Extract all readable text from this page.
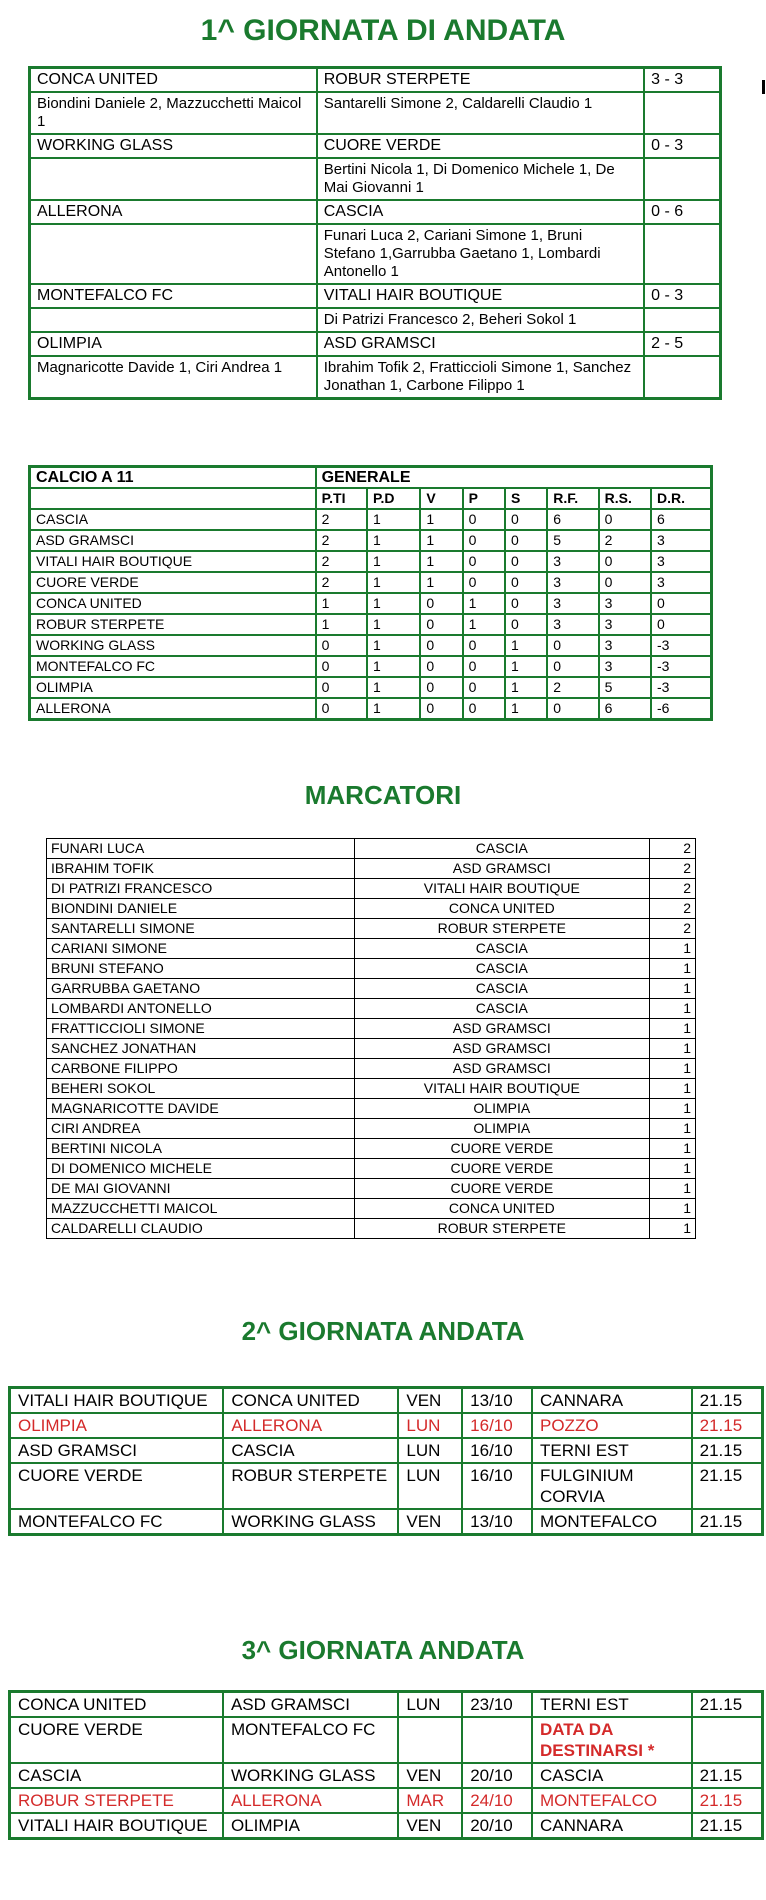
1^ GIORNATA DI ANDATA
CONCA UNITED	ROBUR STERPETE	3 - 3
Biondini Daniele 2, Mazzucchetti Maicol 1	Santarelli Simone 2, Caldarelli Claudio 1	
WORKING GLASS	CUORE VERDE	0 - 3
	Bertini Nicola 1, Di Domenico Michele 1, De Mai Giovanni 1	
ALLERONA	CASCIA	0 - 6
	Funari Luca 2, Cariani Simone 1, Bruni Stefano 1,Garrubba Gaetano 1, Lombardi Antonello 1	
MONTEFALCO FC	VITALI HAIR BOUTIQUE	0 - 3
	Di Patrizi Francesco 2, Beheri Sokol 1	
OLIMPIA	ASD GRAMSCI	2 - 5
Magnaricotte Davide 1, Ciri Andrea 1	Ibrahim Tofik 2, Fratticcioli Simone 1, Sanchez Jonathan 1, Carbone Filippo 1	
CALCIO A 11	GENERALE							
	P.TI	P.D	V	P	S	R.F.	R.S.	D.R.
CASCIA	2	1	1	0	0	6	0	6
ASD GRAMSCI	2	1	1	0	0	5	2	3
VITALI HAIR BOUTIQUE	2	1	1	0	0	3	0	3
CUORE VERDE	2	1	1	0	0	3	0	3
CONCA UNITED	1	1	0	1	0	3	3	0
ROBUR STERPETE	1	1	0	1	0	3	3	0
WORKING GLASS	0	1	0	0	1	0	3	-3
MONTEFALCO FC	0	1	0	0	1	0	3	-3
OLIMPIA	0	1	0	0	1	2	5	-3
ALLERONA	0	1	0	0	1	0	6	-6
MARCATORI
FUNARI LUCA	CASCIA	2
IBRAHIM TOFIK	ASD GRAMSCI	2
DI PATRIZI FRANCESCO	VITALI HAIR BOUTIQUE	2
BIONDINI DANIELE	CONCA UNITED	2
SANTARELLI SIMONE	ROBUR STERPETE	2
CARIANI SIMONE	CASCIA	1
BRUNI STEFANO	CASCIA	1
GARRUBBA GAETANO	CASCIA	1
LOMBARDI ANTONELLO	CASCIA	1
FRATTICCIOLI SIMONE	ASD GRAMSCI	1
SANCHEZ JONATHAN	ASD GRAMSCI	1
CARBONE FILIPPO	ASD GRAMSCI	1
BEHERI SOKOL	VITALI HAIR BOUTIQUE	1
MAGNARICOTTE DAVIDE	OLIMPIA	1
CIRI ANDREA	OLIMPIA	1
BERTINI NICOLA	CUORE VERDE	1
DI DOMENICO MICHELE	CUORE VERDE	1
DE MAI GIOVANNI	CUORE VERDE	1
MAZZUCCHETTI MAICOL	CONCA UNITED	1
CALDARELLI CLAUDIO	ROBUR STERPETE	1
2^ GIORNATA ANDATA
VITALI HAIR BOUTIQUE	CONCA UNITED	VEN	13/10	CANNARA	21.15
OLIMPIA	ALLERONA	LUN	16/10	POZZO	21.15
ASD GRAMSCI	CASCIA	LUN	16/10	TERNI EST	21.15
CUORE VERDE	ROBUR STERPETE	LUN	16/10	FULGINIUM CORVIA	21.15
MONTEFALCO FC	WORKING GLASS	VEN	13/10	MONTEFALCO	21.15
3^ GIORNATA ANDATA
CONCA UNITED	ASD GRAMSCI	LUN	23/10	TERNI EST	21.15
CUORE VERDE	MONTEFALCO FC			DATA DA DESTINARSI *	
CASCIA	WORKING GLASS	VEN	20/10	CASCIA	21.15
ROBUR STERPETE	ALLERONA	MAR	24/10	MONTEFALCO	21.15
VITALI HAIR BOUTIQUE	OLIMPIA	VEN	20/10	CANNARA	21.15
